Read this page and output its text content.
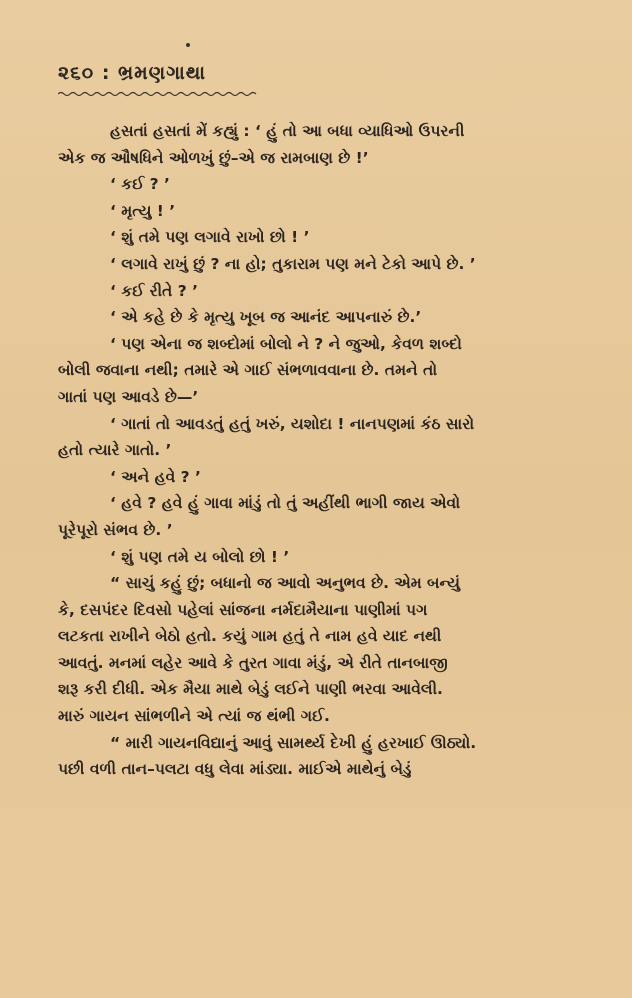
૨૬૦ : ભ્રમણગાથા

હસતાં હસતાં મેં કહ્યું : ‘ હું તો આ બધા વ્યાધિઓ ઉપરની

એક જ ઔષધિને ઓળખું છું–એ જ રામબાણ છે !’

‘ કઈ ? ’

‘ મૃત્યુ ! ’

‘ શું તમે પણ લગાવે રાખો છો ! ’

‘ લગાવે રાખું છું ? ના હો; તુકારામ પણ મને ટેકો આપે છે. ’

‘ કઈ રીતે ? ’

‘ એ કહે છે કે મૃત્યુ ખૂબ જ આનંદ આપનારું છે.’

‘ પણ એના જ શબ્દોમાં બોલો ને ? ને જુઓ, કેવળ શબ્દો

બોલી જવાના નથી; તમારે એ ગાઈ સંભળાવવાના છે. તમને તો

ગાતાં પણ આવડે છે—’

‘ ગાતાં તો આવડતું હતું ખરું, યશોદા ! નાનપણમાં કંઠ સારો

હતો ત્યારે ગાતો. ’

‘ અને હવે ? ’

‘ હવે ? હવે હું ગાવા માંડું તો તું અહીંથી ભાગી જાય એવો

પૂરેપૂરો સંભવ છે. ’

‘ શું પણ તમે ય બોલો છો ! ’

“ સાચું કહું છું; બધાનો જ આવો અનુભવ છે. એમ બન્યું

કે, દસપંદર દિવસો પહેલાં સાંજના નર્મદામૈયાના પાણીમાં પગ

લટકતા રાખીને બેઠો હતો. કયું ગામ હતું તે નામ હવે યાદ નથી

આવતું. મનમાં લહેર આવે કે તુરત ગાવા મંડું, એ રીતે તાનબાજી

શરૂ કરી દીધી. એક મૈયા માથે બેડું લઈને પાણી ભરવા આવેલી.

મારું ગાયન સાંભળીને એ ત્યાં જ થંભી ગઈ.

“ મારી ગાયનવિદ્યાનું આવું સામર્થ્ય દેખી હું હરખાઈ ઊઠ્યો.

પછી વળી તાન–પલટા વધુ લેવા માંડ્યા. માઈએ માથેનું બેડું
